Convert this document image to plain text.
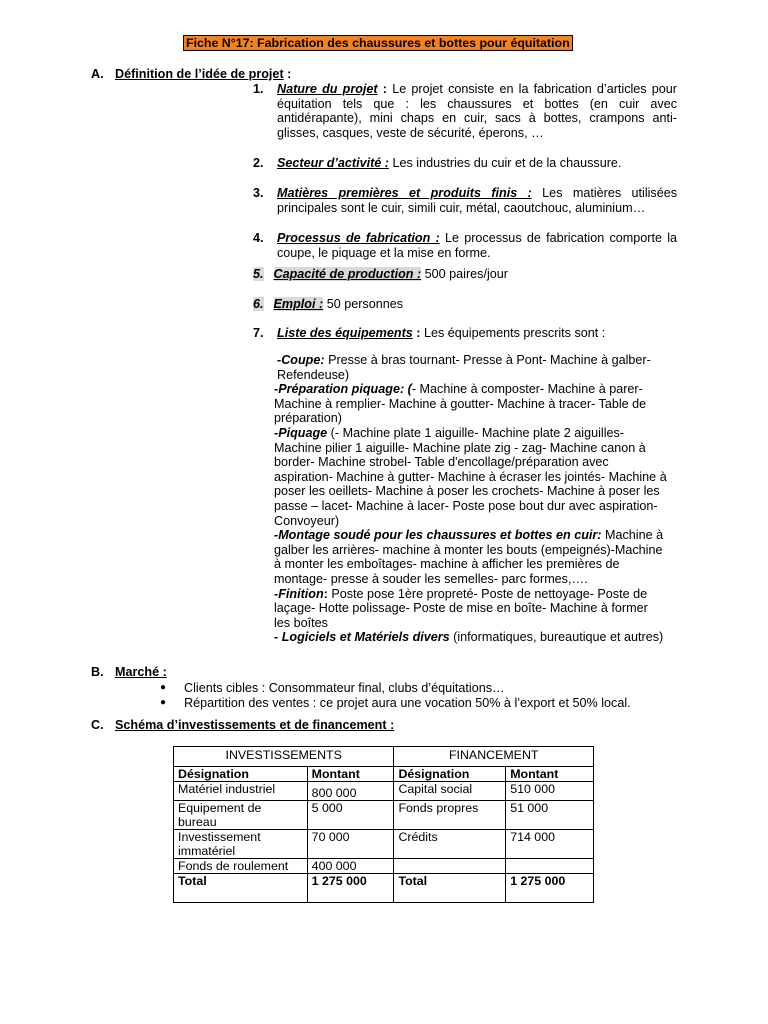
Fiche N°17: Fabrication des chaussures et bottes pour équitation
A. Définition de l’idée de projet :
1. Nature du projet : Le projet consiste en la fabrication d’articles pour équitation tels que : les chaussures et bottes (en cuir avec antidérapante), mini chaps en cuir, sacs à bottes, crampons anti-glisses, casques, veste de sécurité, éperons, …
2. Secteur d’activité : Les industries du cuir et de la chaussure.
3. Matières premières et produits finis : Les matières utilisées principales sont le cuir, simili cuir, métal, caoutchouc, aluminium…
4. Processus de fabrication : Le processus de fabrication comporte la coupe, le piquage et la mise en forme.
5. Capacité de production : 500 paires/jour
6. Emploi : 50 personnes
7. Liste des équipements : Les équipements prescrits sont :
-Coupe: Presse à bras tournant- Presse à Pont- Machine à galber-
Refendeuse)
-Préparation piquage: (- Machine à composter- Machine à parer-
Machine à remplier- Machine à goutter- Machine à tracer- Table de
préparation)
-Piquage (- Machine plate 1 aiguille- Machine plate 2 aiguilles-
Machine pilier 1 aiguille- Machine plate zig - zag- Machine canon à
border- Machine strobel- Table d'encollage/préparation avec
aspiration- Machine à gutter- Machine à écraser les jointés- Machine à
poser les oeillets- Machine à poser les crochets- Machine à poser les
passe – lacet- Machine à lacer- Poste pose bout dur avec aspiration-
Convoyeur)
-Montage soudé pour les chaussures et bottes en cuir: Machine à
galber les arrières- machine à monter les bouts (empeignés)-Machine
à monter les emboîtages- machine à afficher les premières de
montage- presse à souder les semelles- parc formes,….
-Finition: Poste pose 1ère propreté- Poste de nettoyage- Poste de
laçage- Hotte polissage- Poste de mise en boîte- Machine à former
les boîtes
- Logiciels et Matériels divers (informatiques, bureautique et autres)
B. Marché :
● Clients cibles : Consommateur final, clubs d’équitations…
● Répartition des ventes : ce projet aura une vocation 50% à l’export et 50% local.
C. Schéma d’investissements et de financement :
INVESTISSEMENTS		FINANCEMENT	
Désignation	Montant	Désignation	Montant
Matériel industriel	800 000	Capital social	510 000
Equipement de bureau	5 000	Fonds propres	51 000
Investissement immatériel	70 000	Crédits	714 000
Fonds de roulement	400 000		
Total	1 275 000	Total	1 275 000
